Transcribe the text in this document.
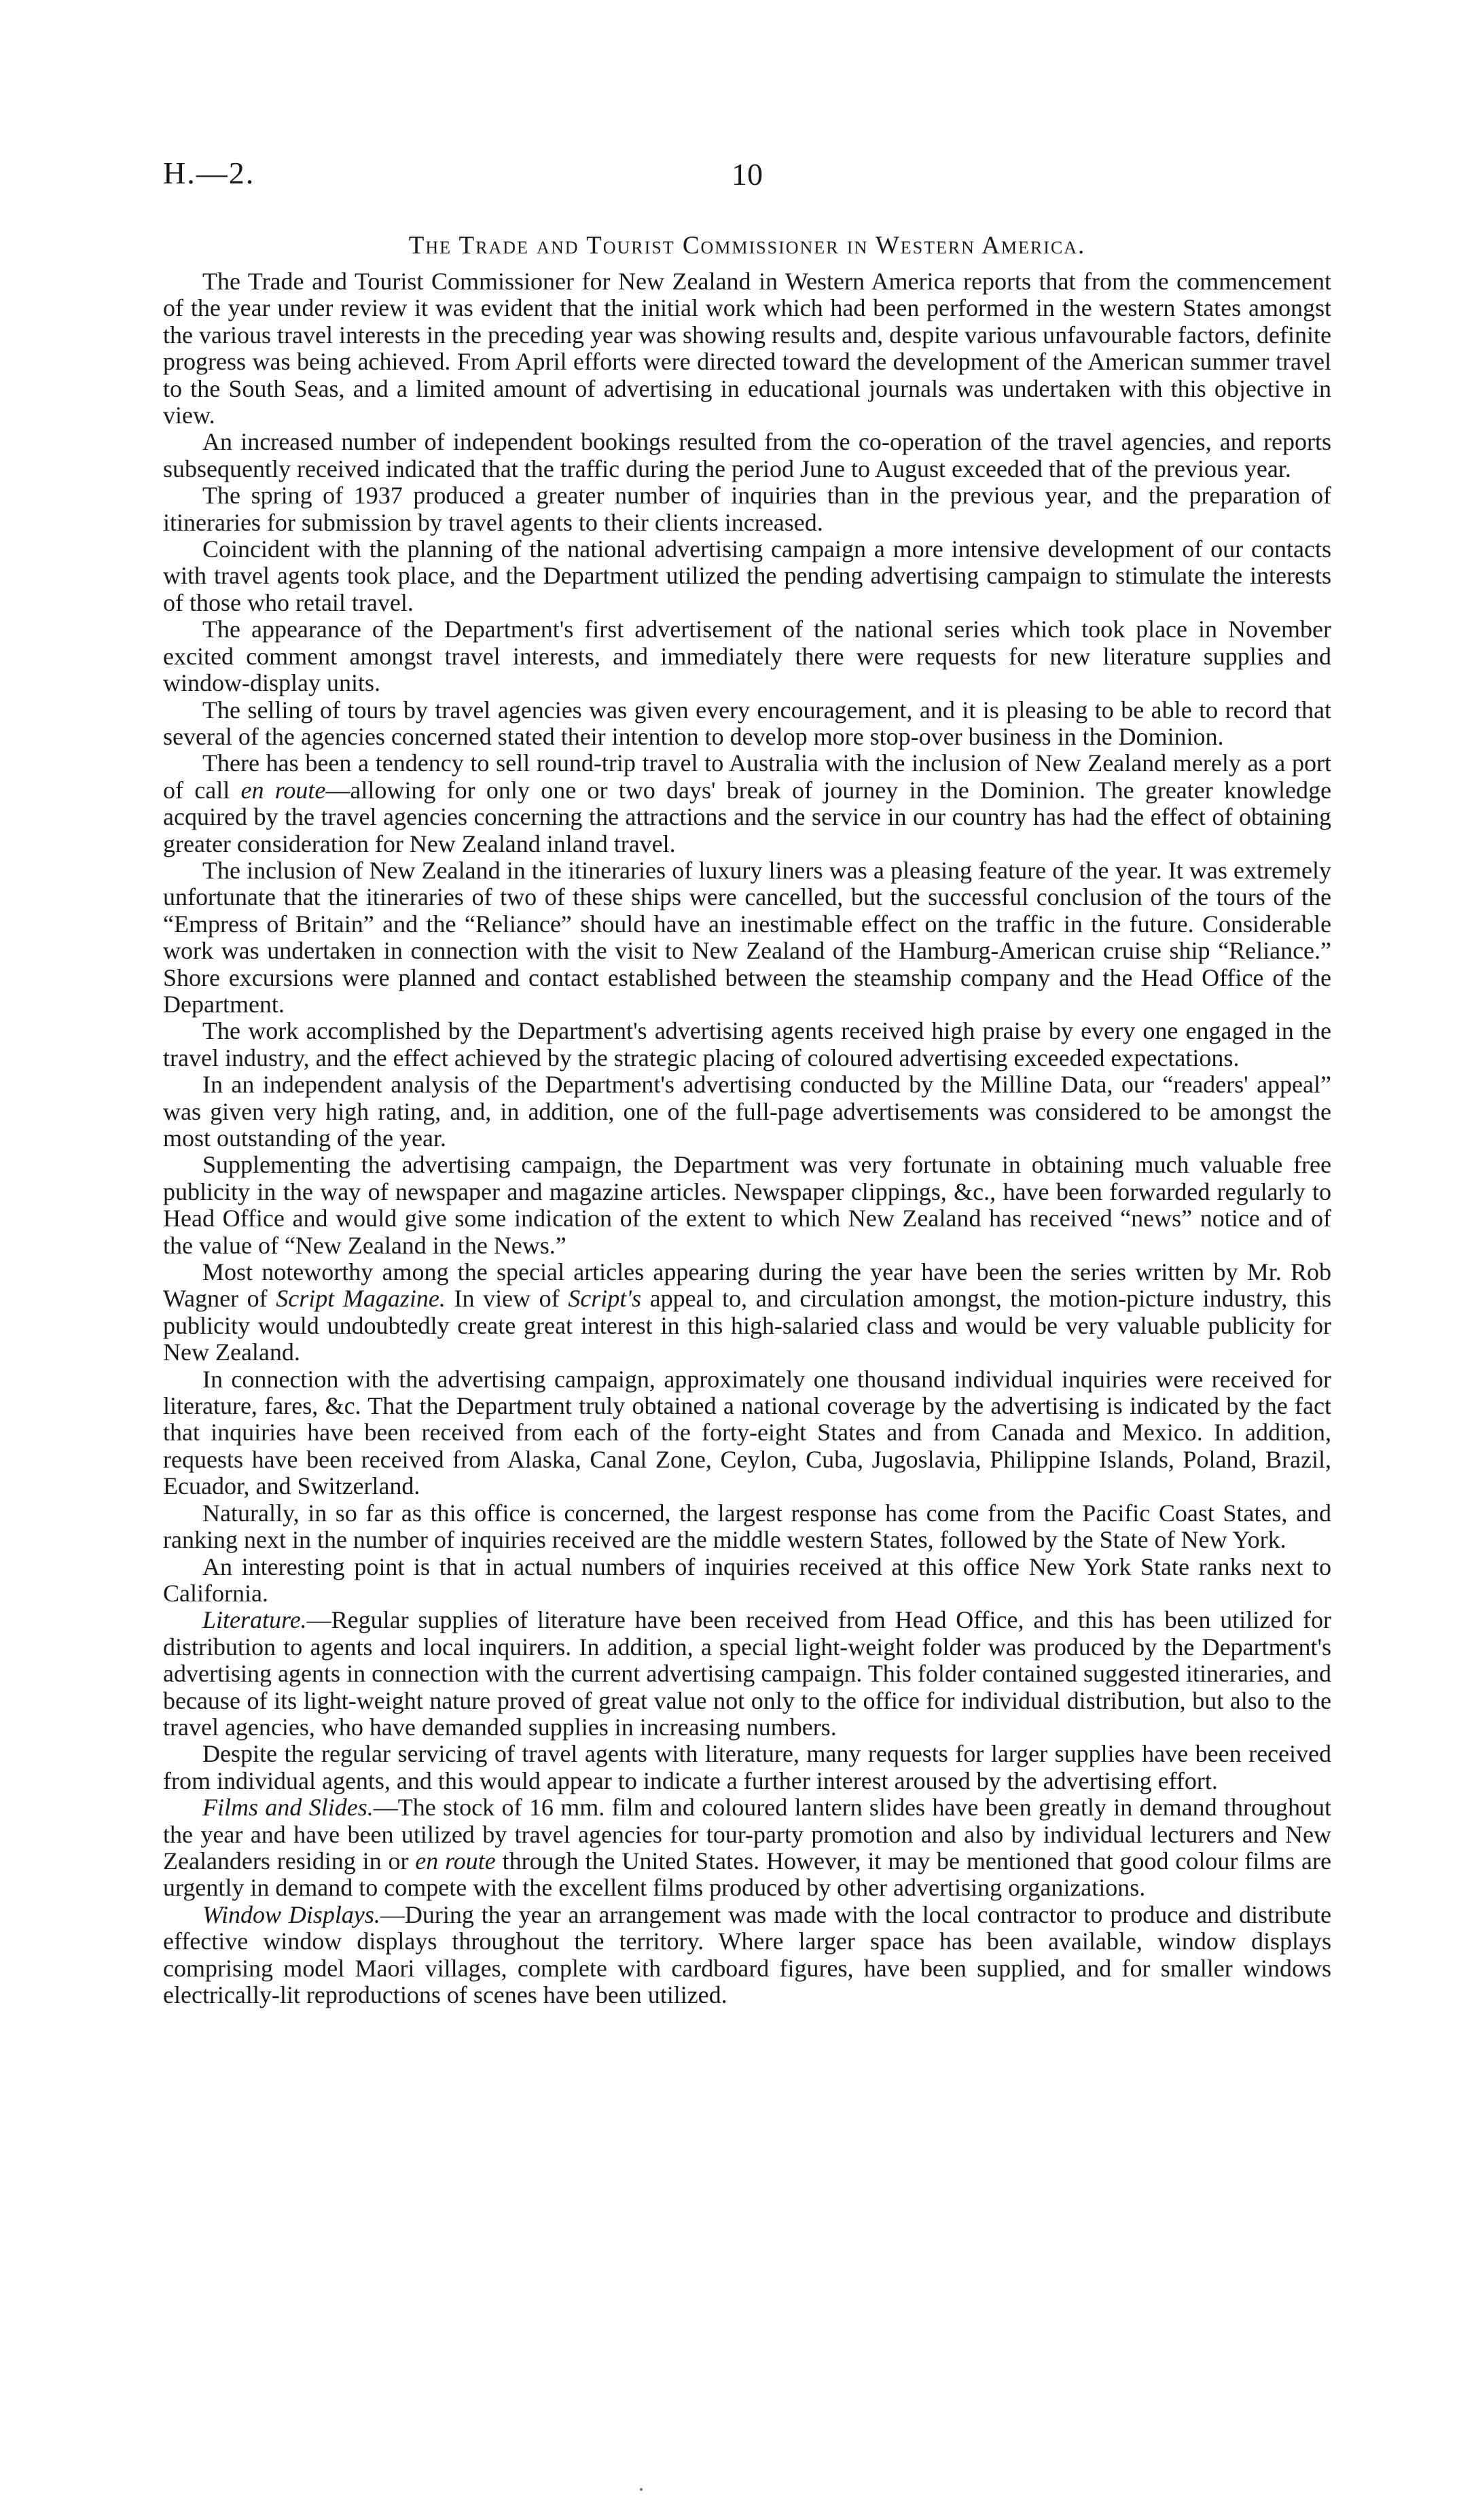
H.—2.	10
The Trade and Tourist Commissioner in Western America.

The Trade and Tourist Commissioner for New Zealand in Western America reports that from the commencement of the year under review it was evident that the initial work which had been performed in the western States amongst the various travel interests in the preceding year was showing results and, despite various unfavourable factors, definite progress was being achieved. From April efforts were directed toward the development of the American summer travel to the South Seas, and a limited amount of advertising in educational journals was undertaken with this objective in view.

An increased number of independent bookings resulted from the co-operation of the travel agencies, and reports subsequently received indicated that the traffic during the period June to August exceeded that of the previous year.

The spring of 1937 produced a greater number of inquiries than in the previous year, and the preparation of itineraries for submission by travel agents to their clients increased.

Coincident with the planning of the national advertising campaign a more intensive development of our contacts with travel agents took place, and the Department utilized the pending advertising campaign to stimulate the interests of those who retail travel.

The appearance of the Department's first advertisement of the national series which took place in November excited comment amongst travel interests, and immediately there were requests for new literature supplies and window-display units.

The selling of tours by travel agencies was given every encouragement, and it is pleasing to be able to record that several of the agencies concerned stated their intention to develop more stop-over business in the Dominion.

There has been a tendency to sell round-trip travel to Australia with the inclusion of New Zealand merely as a port of call en route—allowing for only one or two days' break of journey in the Dominion. The greater knowledge acquired by the travel agencies concerning the attractions and the service in our country has had the effect of obtaining greater consideration for New Zealand inland travel.

The inclusion of New Zealand in the itineraries of luxury liners was a pleasing feature of the year. It was extremely unfortunate that the itineraries of two of these ships were cancelled, but the successful conclusion of the tours of the “Empress of Britain” and the “Reliance” should have an inestimable effect on the traffic in the future. Considerable work was undertaken in connection with the visit to New Zealand of the Hamburg-American cruise ship “Reliance.” Shore excursions were planned and contact established between the steamship company and the Head Office of the Department.

The work accomplished by the Department's advertising agents received high praise by every one engaged in the travel industry, and the effect achieved by the strategic placing of coloured advertising exceeded expectations.

In an independent analysis of the Department's advertising conducted by the Milline Data, our “readers' appeal” was given very high rating, and, in addition, one of the full-page advertisements was considered to be amongst the most outstanding of the year.

Supplementing the advertising campaign, the Department was very fortunate in obtaining much valuable free publicity in the way of newspaper and magazine articles. Newspaper clippings, &c., have been forwarded regularly to Head Office and would give some indication of the extent to which New Zealand has received “news” notice and of the value of “New Zealand in the News.”

Most noteworthy among the special articles appearing during the year have been the series written by Mr. Rob Wagner of Script Magazine. In view of Script's appeal to, and circulation amongst, the motion-picture industry, this publicity would undoubtedly create great interest in this high-salaried class and would be very valuable publicity for New Zealand.

In connection with the advertising campaign, approximately one thousand individual inquiries were received for literature, fares, &c. That the Department truly obtained a national coverage by the advertising is indicated by the fact that inquiries have been received from each of the forty-eight States and from Canada and Mexico. In addition, requests have been received from Alaska, Canal Zone, Ceylon, Cuba, Jugoslavia, Philippine Islands, Poland, Brazil, Ecuador, and Switzerland.

Naturally, in so far as this office is concerned, the largest response has come from the Pacific Coast States, and ranking next in the number of inquiries received are the middle western States, followed by the State of New York.

An interesting point is that in actual numbers of inquiries received at this office New York State ranks next to California.

Literature.—Regular supplies of literature have been received from Head Office, and this has been utilized for distribution to agents and local inquirers. In addition, a special light-weight folder was produced by the Department's advertising agents in connection with the current advertising campaign. This folder contained suggested itineraries, and because of its light-weight nature proved of great value not only to the office for individual distribution, but also to the travel agencies, who have demanded supplies in increasing numbers.

Despite the regular servicing of travel agents with literature, many requests for larger supplies have been received from individual agents, and this would appear to indicate a further interest aroused by the advertising effort.

Films and Slides.—The stock of 16 mm. film and coloured lantern slides have been greatly in demand throughout the year and have been utilized by travel agencies for tour-party promotion and also by individual lecturers and New Zealanders residing in or en route through the United States. However, it may be mentioned that good colour films are urgently in demand to compete with the excellent films produced by other advertising organizations.

Window Displays.—During the year an arrangement was made with the local contractor to produce and distribute effective window displays throughout the territory. Where larger space has been available, window displays comprising model Maori villages, complete with cardboard figures, have been supplied, and for smaller windows electrically-lit reproductions of scenes have been utilized.
